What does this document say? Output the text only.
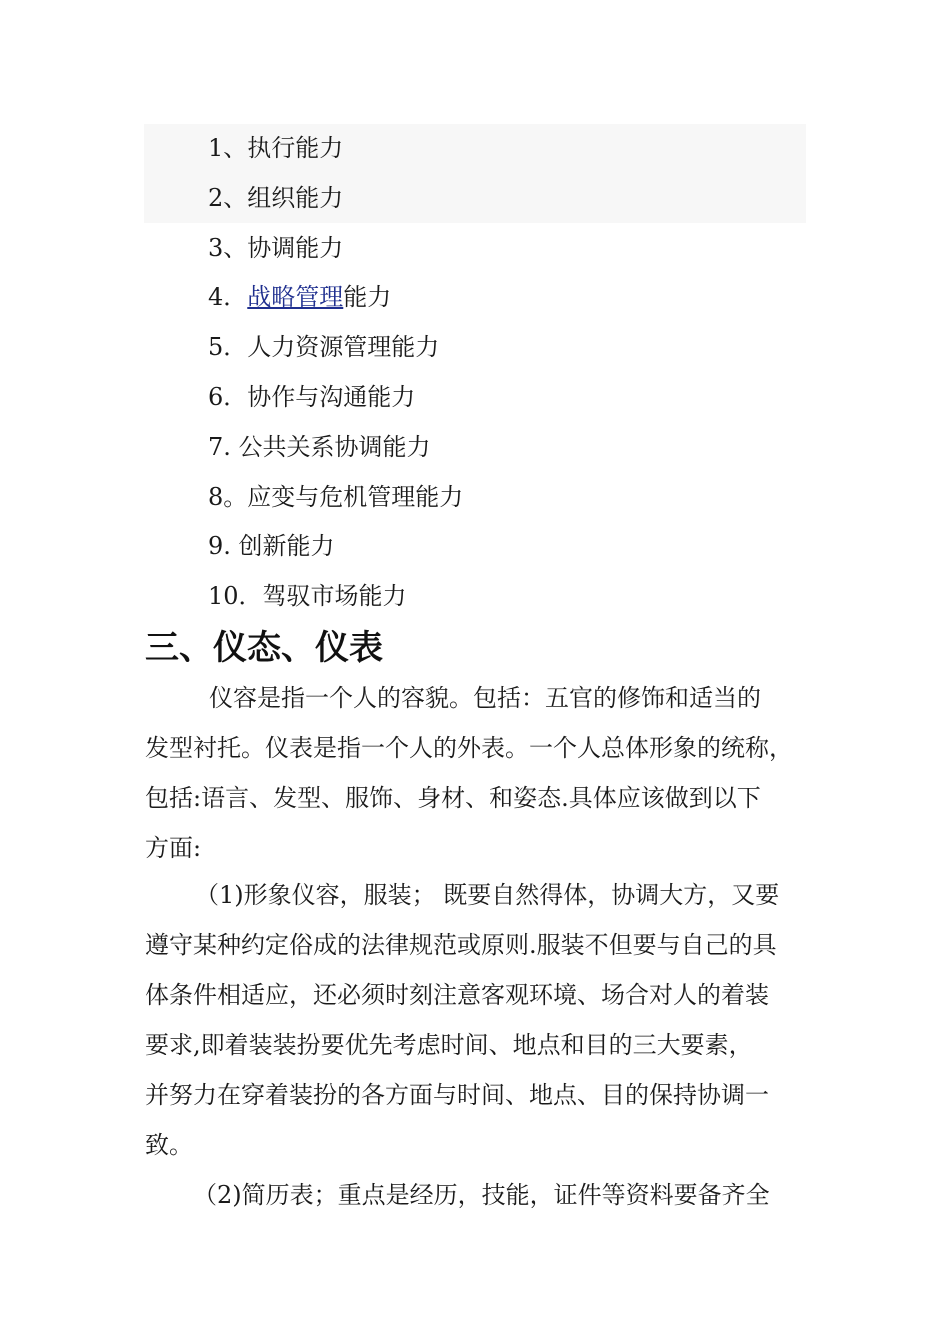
1、执行能力
2、组织能力
3、协调能力
4．战略管理能力
5．人力资源管理能力
6．协作与沟通能力
7. 公共关系协调能力
8。应变与危机管理能力
9. 创新能力
10．驾驭市场能力
三、仪态、仪表

仪容是指一个人的容貌。包括：五官的修饰和适当的
发型衬托。仪表是指一个人的外表。一个人总体形象的统称，
包括:语言、发型、服饰、身材、和姿态.具体应该做到以下
方面:

（1)形象仪容，服装； 既要自然得体，协调大方，又要
遵守某种约定俗成的法律规范或原则.服装不但要与自己的具
体条件相适应，还必须时刻注意客观环境、场合对人的着装
要求,即着装装扮要优先考虑时间、地点和目的三大要素，
并努力在穿着装扮的各方面与时间、地点、目的保持协调一
致。

（2)简历表；重点是经历，技能，证件等资料要备齐全
